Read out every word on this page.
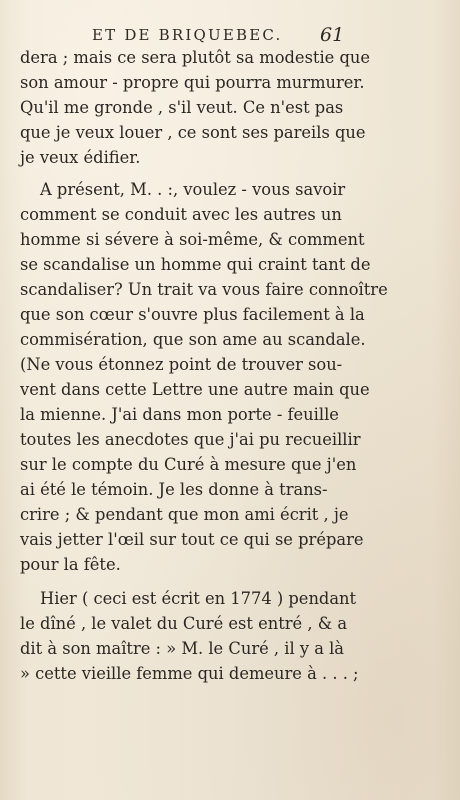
ET DE BRIQUEBEC.	61
dera ; mais ce sera plutôt sa modestie que
son amour - propre qui pourra murmurer.
Qu'il me gronde , s'il veut. Ce n'est pas
que je veux louer , ce sont ses pareils que
je veux édifier.
A présent, M. . :, voulez - vous savoir
comment se conduit avec les autres un
homme si sévere à soi-même, & comment
se scandalise un homme qui craint tant de
scandaliser? Un trait va vous faire connoître
que son cœur s'ouvre plus facilement à la
commisération, que son ame au scandale.
(Ne vous étonnez point de trouver sou-
vent dans cette Lettre une autre main que
la mienne. J'ai dans mon porte - feuille
toutes les anecdotes que j'ai pu recueillir
sur le compte du Curé à mesure que j'en
ai été le témoin. Je les donne à trans-
crire ; & pendant que mon ami écrit , je
vais jetter l'œil sur tout ce qui se prépare
pour la fête.
Hier ( ceci est écrit en 1774 ) pendant
le dîné , le valet du Curé est entré , & a
dit à son maître : » M. le Curé , il y a là
» cette vieille femme qui demeure à . . . ;
